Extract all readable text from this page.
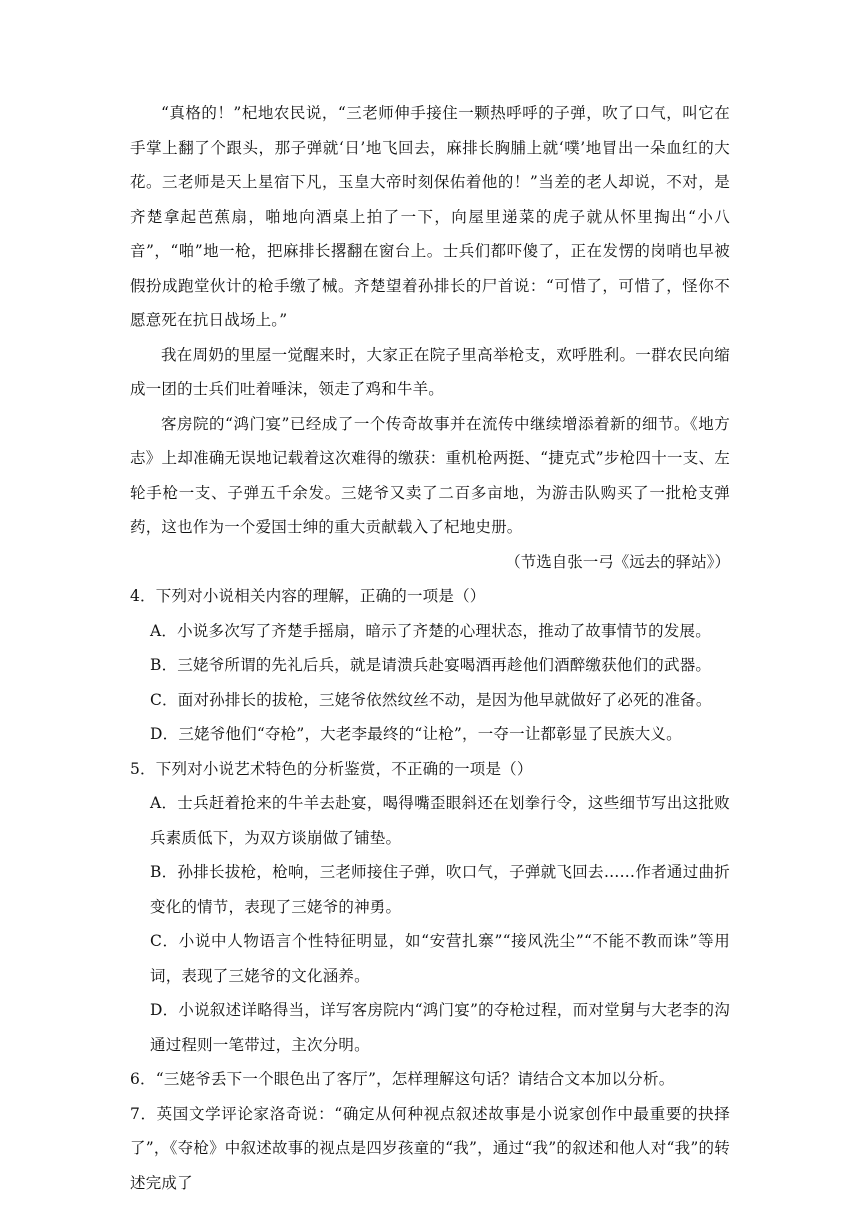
“真格的！”杞地农民说，“三老师伸手接住一颗热呼呼的子弹，吹了口气，叫它在手掌上翻了个跟头，那子弹就‘日’地飞回去，麻排长胸脯上就‘噗’地冒出一朵血红的大花。三老师是天上星宿下凡，玉皇大帝时刻保佑着他的！”当差的老人却说，不对，是齐楚拿起芭蕉扇，啪地向酒桌上拍了一下，向屋里递菜的虎子就从怀里掏出“小八音”，“啪”地一枪，把麻排长撂翻在窗台上。士兵们都吓傻了，正在发愣的岗哨也早被假扮成跑堂伙计的枪手缴了械。齐楚望着孙排长的尸首说：“可惜了，可惜了，怪你不愿意死在抗日战场上。”

我在周奶的里屋一觉醒来时，大家正在院子里高举枪支，欢呼胜利。一群农民向缩成一团的士兵们吐着唾沫，领走了鸡和牛羊。

客房院的“鸿门宴”已经成了一个传奇故事并在流传中继续增添着新的细节。《地方志》上却准确无误地记载着这次难得的缴获：重机枪两挺、“捷克式”步枪四十一支、左轮手枪一支、子弹五千余发。三姥爷又卖了二百多亩地，为游击队购买了一批枪支弹药，这也作为一个爱国士绅的重大贡献载入了杞地史册。

（节选自张一弓《远去的驿站》）

4．下列对小说相关内容的理解，正确的一项是（）

A．小说多次写了齐楚手摇扇，暗示了齐楚的心理状态，推动了故事情节的发展。

B．三姥爷所谓的先礼后兵，就是请溃兵赴宴喝酒再趁他们酒醉缴获他们的武器。

C．面对孙排长的拔枪，三姥爷依然纹丝不动，是因为他早就做好了必死的准备。

D．三姥爷他们“夺枪”，大老李最终的“让枪”，一夺一让都彰显了民族大义。

5．下列对小说艺术特色的分析鉴赏，不正确的一项是（）

A．士兵赶着抢来的牛羊去赴宴，喝得嘴歪眼斜还在划拳行令，这些细节写出这批败兵素质低下，为双方谈崩做了铺垫。

B．孙排长拔枪，枪响，三老师接住子弹，吹口气，子弹就飞回去……作者通过曲折变化的情节，表现了三姥爷的神勇。

C．小说中人物语言个性特征明显，如“安营扎寨”“接风洗尘”“不能不教而诛”等用词，表现了三姥爷的文化涵养。

D．小说叙述详略得当，详写客房院内“鸿门宴”的夺枪过程，而对堂舅与大老李的沟通过程则一笔带过，主次分明。

6．“三姥爷丢下一个眼色出了客厅”，怎样理解这句话？请结合文本加以分析。

7．英国文学评论家洛奇说：“确定从何种视点叙述故事是小说家创作中最重要的抉择了”，《夺枪》中叙述故事的视点是四岁孩童的“我”，通过“我”的叙述和他人对“我”的转述完成了
